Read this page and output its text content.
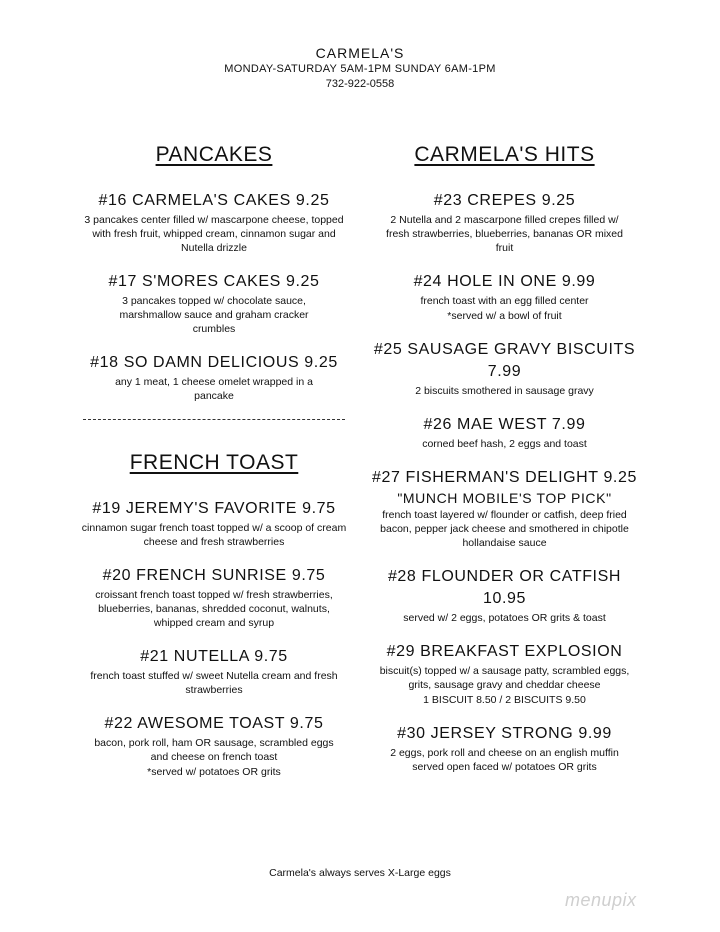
CARMELA'S
MONDAY-SATURDAY 5AM-1PM SUNDAY 6AM-1PM
732-922-0558
PANCAKES
#16 CARMELA'S CAKES 9.25
3 pancakes center filled w/ mascarpone cheese, topped with fresh fruit, whipped cream, cinnamon sugar and Nutella drizzle
#17 S'MORES CAKES 9.25
3 pancakes topped w/ chocolate sauce, marshmallow sauce and graham cracker crumbles
#18 SO DAMN DELICIOUS 9.25
any 1 meat, 1 cheese omelet wrapped in a pancake
FRENCH TOAST
#19 JEREMY'S FAVORITE 9.75
cinnamon sugar french toast topped w/ a scoop of cream cheese and fresh strawberries
#20 FRENCH SUNRISE 9.75
croissant french toast topped w/ fresh strawberries, blueberries, bananas, shredded coconut, walnuts, whipped cream and syrup
#21 NUTELLA 9.75
french toast stuffed w/ sweet Nutella cream and fresh strawberries
#22 AWESOME TOAST 9.75
bacon, pork roll, ham OR sausage, scrambled eggs and cheese on french toast
*served w/ potatoes OR grits
CARMELA'S HITS
#23 CREPES 9.25
2 Nutella and 2 mascarpone filled crepes filled w/ fresh strawberries, blueberries, bananas OR mixed fruit
#24 HOLE IN ONE 9.99
french toast with an egg filled center
*served w/ a bowl of fruit
#25 SAUSAGE GRAVY BISCUITS
7.99
2 biscuits smothered in sausage gravy
#26 MAE WEST 7.99
corned beef hash, 2 eggs and toast
#27 FISHERMAN'S DELIGHT 9.25
"MUNCH MOBILE'S TOP PICK"
french toast layered w/ flounder or catfish, deep fried bacon, pepper jack cheese and smothered in chipotle hollandaise sauce
#28 FLOUNDER OR CATFISH
10.95
served w/ 2 eggs, potatoes OR grits & toast
#29 BREAKFAST EXPLOSION
biscuit(s) topped w/ a sausage patty, scrambled eggs, grits, sausage gravy and cheddar cheese
1 BISCUIT 8.50 / 2 BISCUITS 9.50
#30 JERSEY STRONG 9.99
2 eggs, pork roll and cheese on an english muffin served open faced w/ potatoes OR grits
Carmela's always serves X-Large eggs
menupix
